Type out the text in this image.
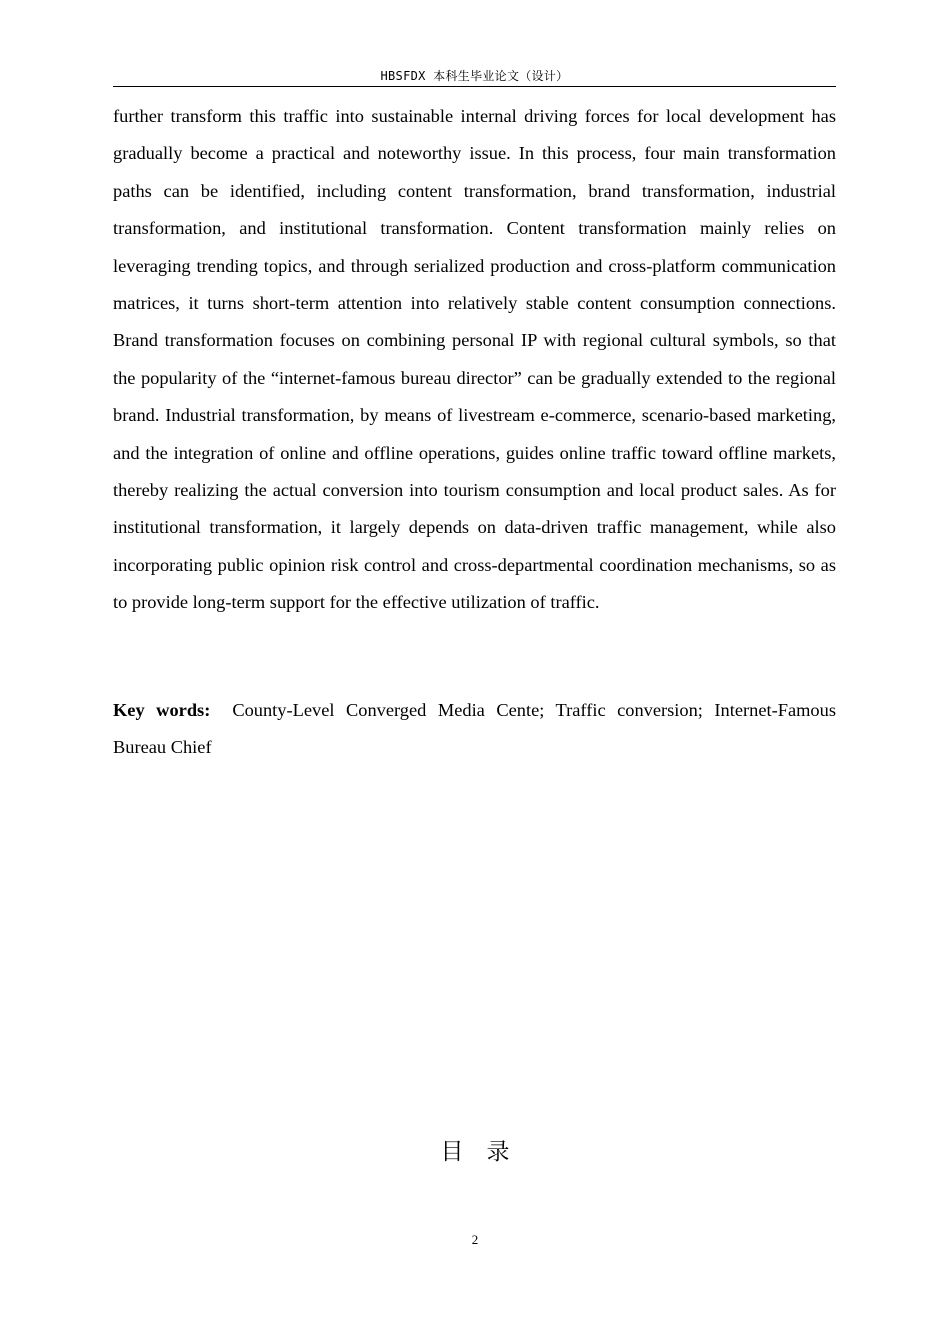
HBSFDX 本科生毕业论文（设计）

further transform this traffic into sustainable internal driving forces for local development has gradually become a practical and noteworthy issue. In this process, four main transformation paths can be identified, including content transformation, brand transformation, industrial transformation, and institutional transformation. Content transformation mainly relies on leveraging trending topics, and through serialized production and cross-platform communication matrices, it turns short-term attention into relatively stable content consumption connections. Brand transformation focuses on combining personal IP with regional cultural symbols, so that the popularity of the “internet-famous bureau director” can be gradually extended to the regional brand. Industrial transformation, by means of livestream e-commerce, scenario-based marketing, and the integration of online and offline operations, guides online traffic toward offline markets, thereby realizing the actual conversion into tourism consumption and local product sales. As for institutional transformation, it largely depends on data-driven traffic management, while also incorporating public opinion risk control and cross-departmental coordination mechanisms, so as to provide long-term support for the effective utilization of traffic.

Key words: County-Level Converged Media Cente; Traffic conversion; Internet-Famous Bureau Chief

目　录
2
